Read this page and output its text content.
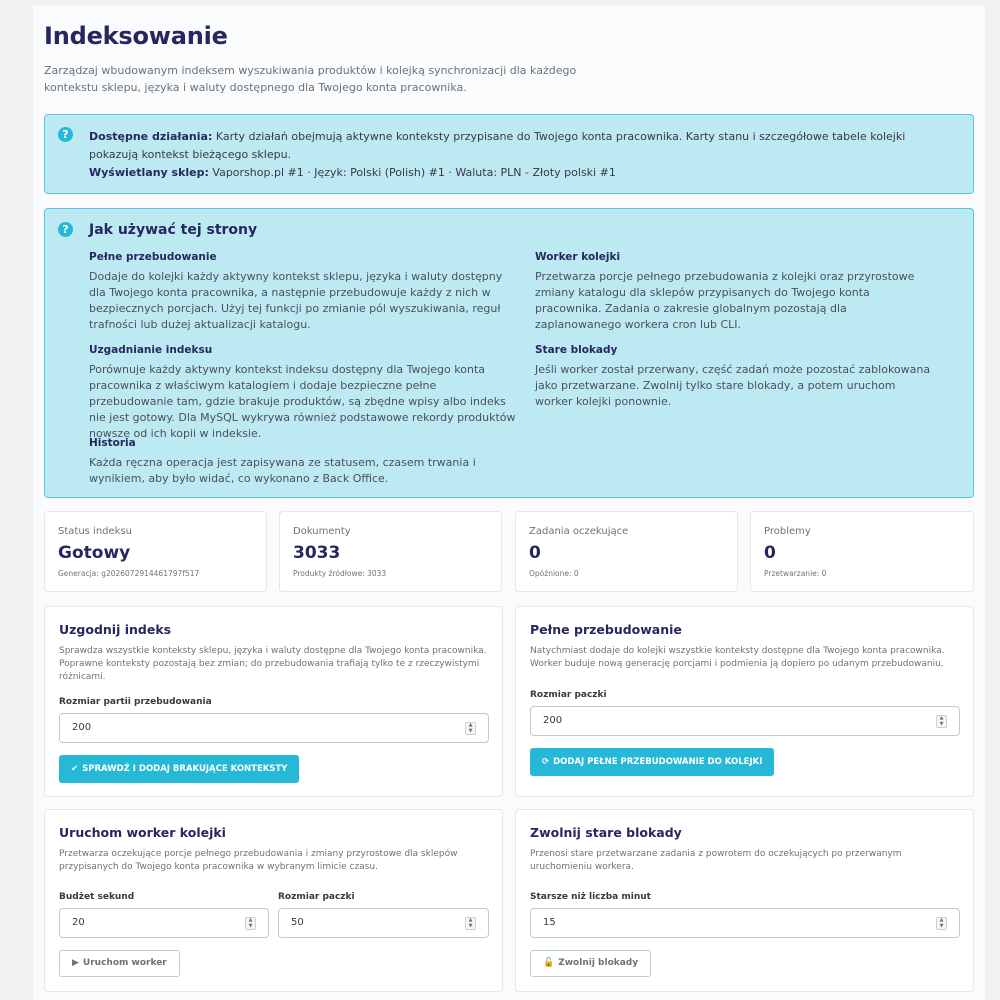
Indeksowanie

Zarządzaj wbudowanym indeksem wyszukiwania produktów i kolejką synchronizacji dla każdego kontekstu sklepu, języka i waluty dostępnego dla Twojego konta pracownika.

?	Dostępne działania: Karty działań obejmują aktywne konteksty przypisane do Twojego konta pracownika. Karty stanu i szczegółowe tabele kolejki pokazują kontekst bieżącego sklepu.
Wyświetlany sklep: Vaporshop.pl #1 · Język: Polski (Polish) #1 · Waluta: PLN - Złoty polski #1
?	Jak używać tej strony
Pełne przebudowanie

Dodaje do kolejki każdy aktywny kontekst sklepu, języka i waluty dostępny dla Twojego konta pracownika, a następnie przebudowuje każdy z nich w bezpiecznych porcjach. Użyj tej funkcji po zmianie pól wyszukiwania, reguł trafności lub dużej aktualizacji katalogu.

Uzgadnianie indeksu

Porównuje każdy aktywny kontekst indeksu dostępny dla Twojego konta pracownika z właściwym katalogiem i dodaje bezpieczne pełne przebudowanie tam, gdzie brakuje produktów, są zbędne wpisy albo indeks nie jest gotowy. Dla MySQL wykrywa również podstawowe rekordy produktów nowsze od ich kopii w indeksie.

Historia

Każda ręczna operacja jest zapisywana ze statusem, czasem trwania i wynikiem, aby było widać, co wykonano z Back Office.

Worker kolejki

Przetwarza porcje pełnego przebudowania z kolejki oraz przyrostowe zmiany katalogu dla sklepów przypisanych do Twojego konta pracownika. Zadania o zakresie globalnym pozostają dla zaplanowanego workera cron lub CLI.

Stare blokady

Jeśli worker został przerwany, część zadań może pozostać zablokowana jako przetwarzane. Zwolnij tylko stare blokady, a potem uruchom worker kolejki ponownie.

Status indeksu
Gotowy
Generacja: g20260729144617​97f517
Dokumenty
3033
Produkty źródłowe: 3033
Zadania oczekujące
0
Opóźnione: 0
Problemy
0
Przetwarzanie: 0
Uzgodnij indeks

Sprawdza wszystkie konteksty sklepu, języka i waluty dostępne dla Twojego konta pracownika. Poprawne konteksty pozostają bez zmian; do przebudowania trafiają tylko te z rzeczywistymi różnicami.

Rozmiar partii przebudowania
200
▲
▼
✔ SPRAWDŹ I DODAJ BRAKUJĄCE KONTEKSTY
Pełne przebudowanie

Natychmiast dodaje do kolejki wszystkie konteksty dostępne dla Twojego konta pracownika. Worker buduje nową generację porcjami i podmienia ją dopiero po udanym przebudowaniu.

Rozmiar paczki
200
▲
▼
⟳ DODAJ PEŁNE PRZEBUDOWANIE DO KOLEJKI
Uruchom worker kolejki

Przetwarza oczekujące porcje pełnego przebudowania i zmiany przyrostowe dla sklepów przypisanych do Twojego konta pracownika w wybranym limicie czasu.

Budżet sekund
20
▲
▼
Rozmiar paczki
50
▲
▼
▶ Uruchom worker
Zwolnij stare blokady

Przenosi stare przetwarzane zadania z powrotem do oczekujących po przerwanym uruchomieniu workera.

Starsze niż liczba minut
15
▲
▼
🔓 Zwolnij blokady
